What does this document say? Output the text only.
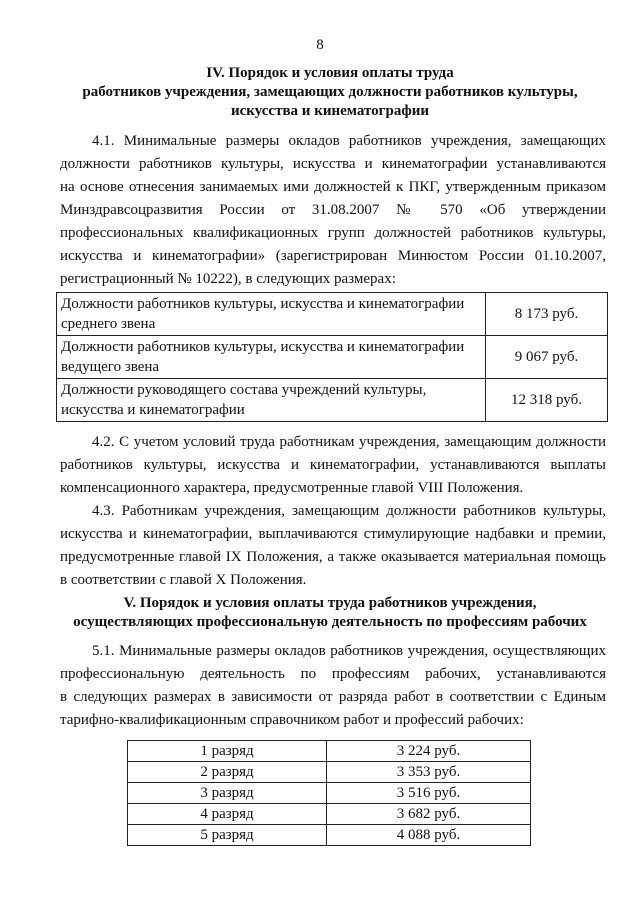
8
IV. Порядок и условия оплаты труда
работников учреждения, замещающих должности работников культуры,
искусства и кинематографии
4.1. Минимальные размеры окладов работников учреждения, замещающих
должности работников культуры, искусства и кинематографии устанавливаются
на основе отнесения занимаемых ими должностей к ПКГ, утвержденным приказом
Минздравсоцразвития России от 31.08.2007 № 570 «Об утверждении
профессиональных квалификационных групп должностей работников культуры,
искусства и кинематографии» (зарегистрирован Минюстом России 01.10.2007,
регистрационный № 10222), в следующих размерах:
Должности работников культуры, искусства и кинематографии
среднего звена	8 173 руб.

Должности работников культуры, искусства и кинематографии
ведущего звена	9 067 руб.

Должности руководящего состава учреждений культуры,
искусства и кинематографии	12 318 руб.
4.2. С учетом условий труда работникам учреждения, замещающим должности
работников культуры, искусства и кинематографии, устанавливаются выплаты
компенсационного характера, предусмотренные главой VIII Положения.
4.3. Работникам учреждения, замещающим должности работников культуры,
искусства и кинематографии, выплачиваются стимулирующие надбавки и премии,
предусмотренные главой IX Положения, а также оказывается материальная помощь
в соответствии с главой X Положения.
V. Порядок и условия оплаты труда работников учреждения,
осуществляющих профессиональную деятельность по профессиям рабочих
5.1. Минимальные размеры окладов работников учреждения, осуществляющих
профессиональную деятельность по профессиям рабочих, устанавливаются
в следующих размерах в зависимости от разряда работ в соответствии с Единым
тарифно-квалификационным справочником работ и профессий рабочих:
1 разряд	3 224 руб.
2 разряд	3 353 руб.
3 разряд	3 516 руб.
4 разряд	3 682 руб.
5 разряд	4 088 руб.
